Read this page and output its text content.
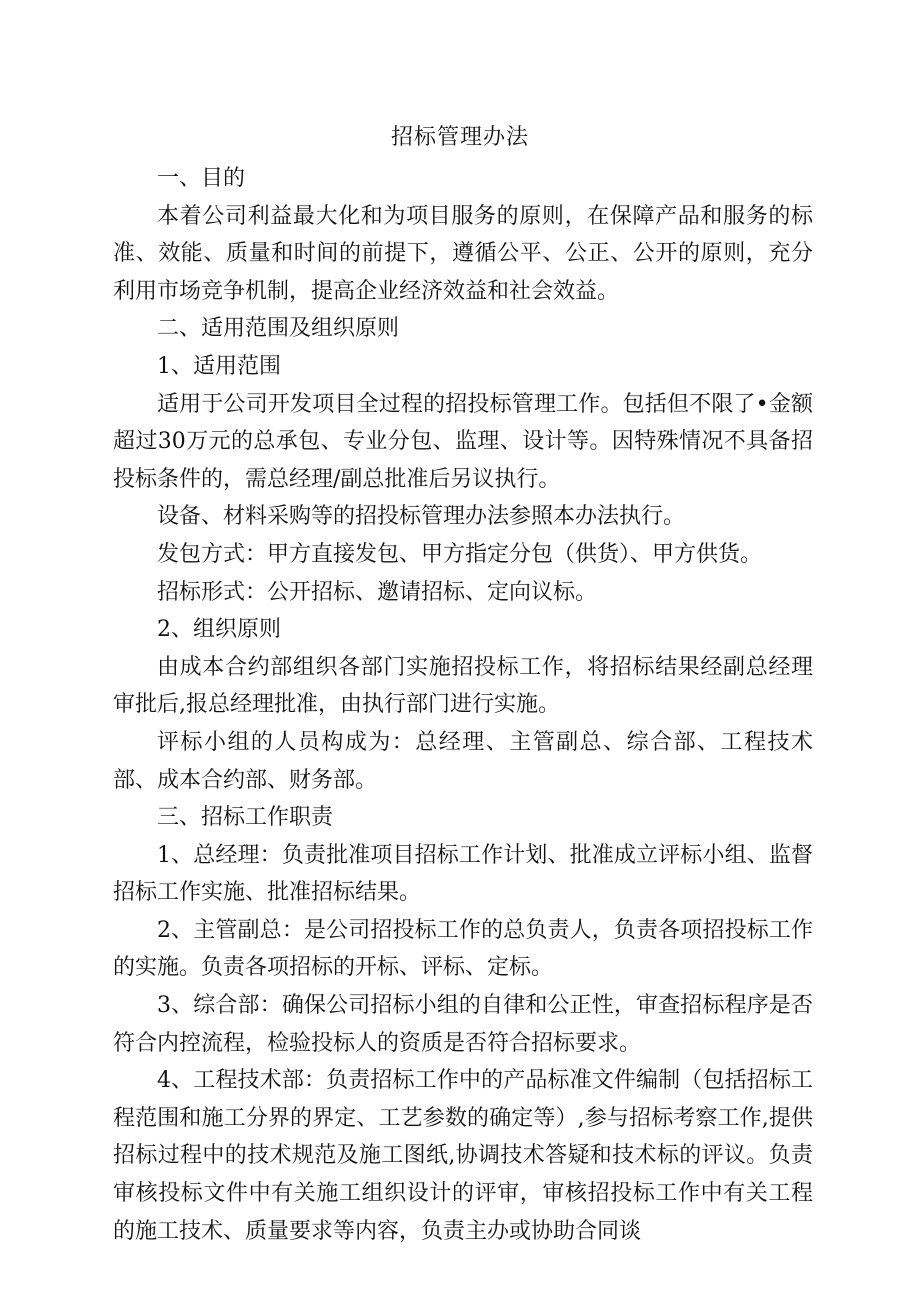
招标管理办法

一、目的

本着公司利益最大化和为项目服务的原则，在保障产品和服务的标准、效能、质量和时间的前提下，遵循公平、公正、公开的原则，充分利用市场竞争机制，提高企业经济效益和社会效益。

二、适用范围及组织原则

1、适用范围

适用于公司开发项目全过程的招投标管理工作。包括但不限了•金额超过30万元的总承包、专业分包、监理、设计等。因特殊情况不具备招投标条件的，需总经理/副总批准后另议执行。

设备、材料采购等的招投标管理办法参照本办法执行。

发包方式：甲方直接发包、甲方指定分包（供货）、甲方供货。

招标形式：公开招标、邀请招标、定向议标。

2、组织原则

由成本合约部组织各部门实施招投标工作，将招标结果经副总经理审批后,报总经理批准，由执行部门进行实施。

评标小组的人员构成为：总经理、主管副总、综合部、工程技术部、成本合约部、财务部。

三、招标工作职责

1、总经理：负责批准项目招标工作计划、批准成立评标小组、监督招标工作实施、批准招标结果。

2、主管副总：是公司招投标工作的总负责人，负责各项招投标工作的实施。负责各项招标的开标、评标、定标。

3、综合部：确保公司招标小组的自律和公正性，审查招标程序是否符合内控流程，检验投标人的资质是否符合招标要求。

4、工程技术部：负责招标工作中的产品标准文件编制（包括招标工程范围和施工分界的界定、工艺参数的确定等）,参与招标考察工作,提供招标过程中的技术规范及施工图纸,协调技术答疑和技术标的评议。负责审核投标文件中有关施工组织设计的评审，审核招投标工作中有关工程的施工技术、质量要求等内容，负责主办或协助合同谈
